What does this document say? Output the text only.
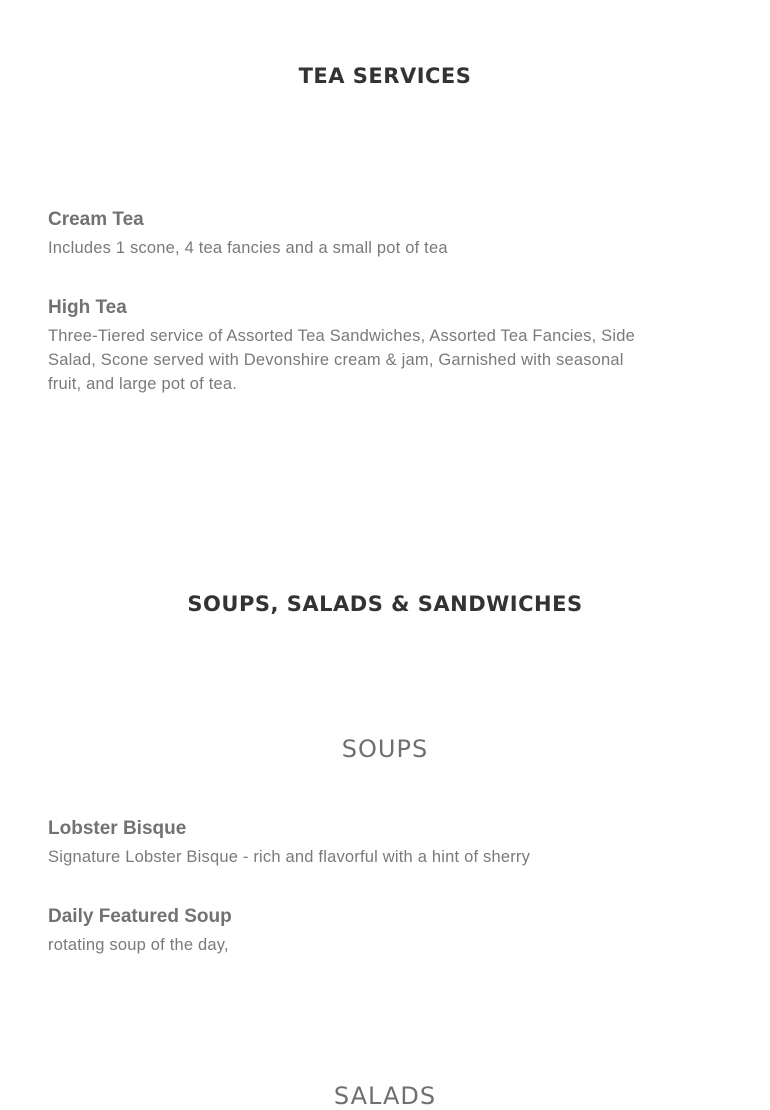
TEA SERVICES

Cream Tea

Includes 1 scone, 4 tea fancies and a small pot of tea

High Tea

Three-Tiered service of Assorted Tea Sandwiches, Assorted Tea Fancies, Side Salad, Scone served with Devonshire cream & jam, Garnished with seasonal fruit, and large pot of tea.

SOUPS, SALADS & SANDWICHES
SOUPS

Lobster Bisque

Signature Lobster Bisque - rich and flavorful with a hint of sherry

Daily Featured Soup

rotating soup of the day,

SALADS
